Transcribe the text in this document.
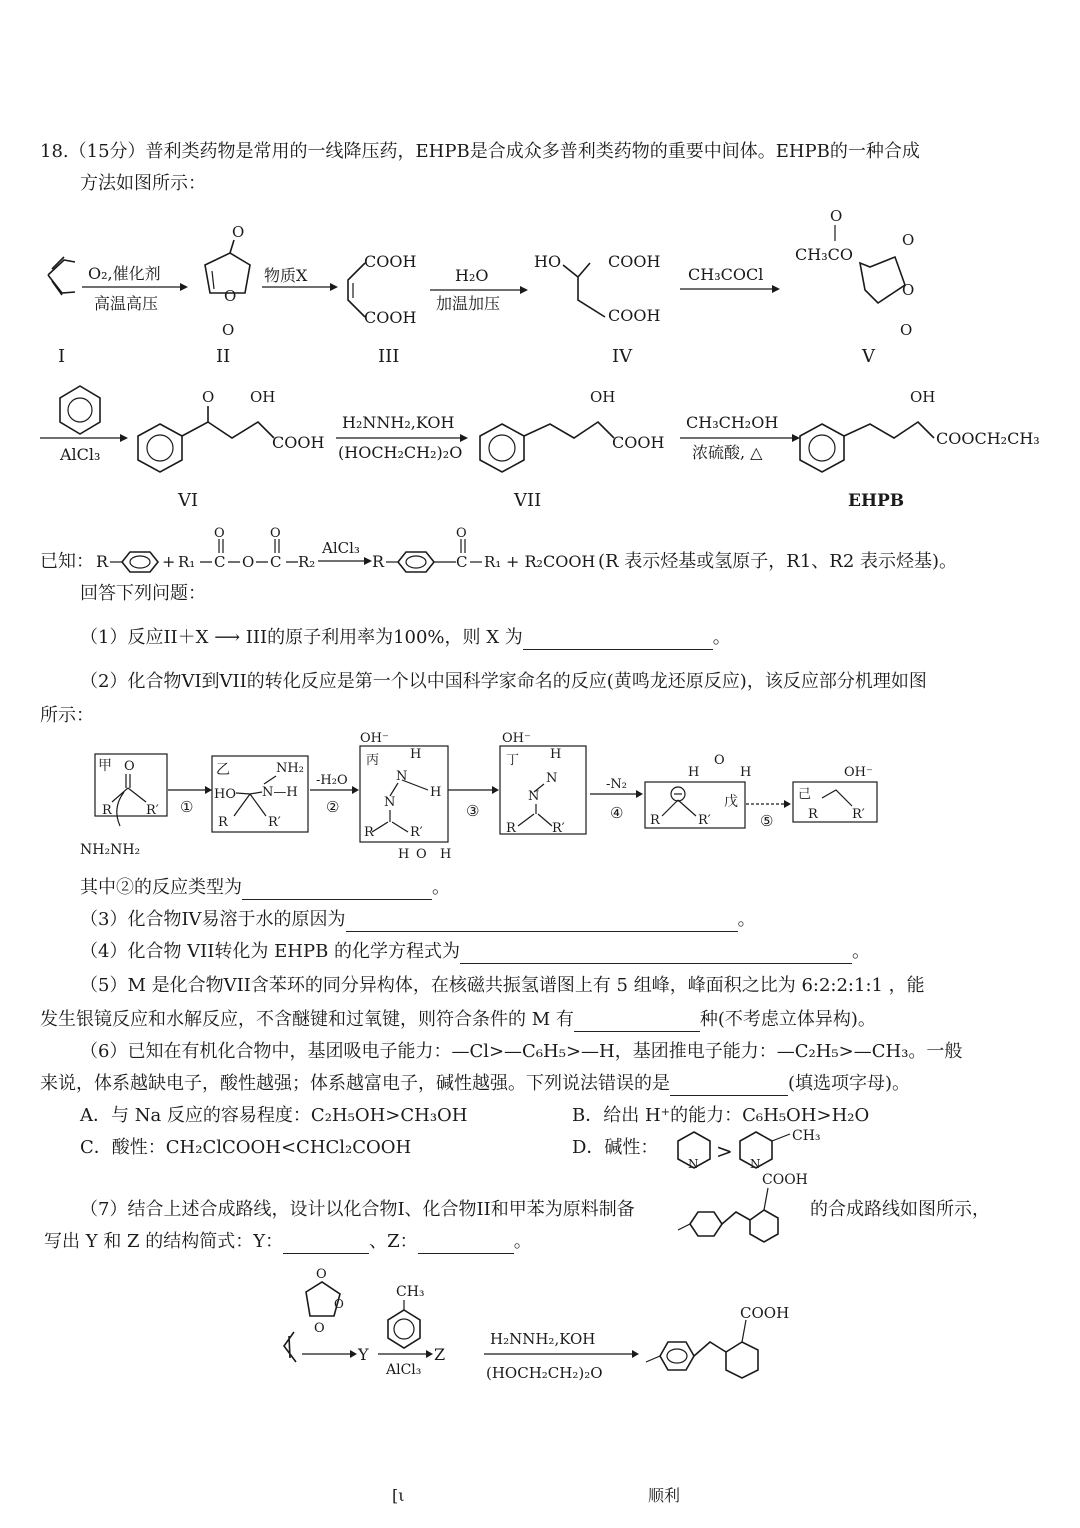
18.（15分）普利类药物是常用的一线降压药，EHPB是合成众多普利类药物的重要中间体。EHPB的一种合成
方法如图所示：
I
O₂,催化剂
高温高压
O
O
O
II
物质X
COOH
COOH
III
H₂O
加温加压
HO	COOH
COOH
IV
CH₃COCl
O
CH₃CO
O
O
O
V
AlCl₃
O OH
COOH
VI
H₂NNH₂,KOH
(HOCH₂CH₂)₂O
OH
COOH
VII
CH₃CH₂OH
浓硫酸, △
OH
COOCH₂CH₃
EHPB
已知： R	+ R₁ C O C
O	O
R₂
AlCl₃
R	C
O
R₁ + R₂COOH (R 表示烃基或氢原子，R1、R2 表示烃基)。
回答下列问题：
（1）反应II＋X ⟶ III的原子利用率为100%，则 X 为	。
（2）化合物VI到VII的转化反应是第一个以中国科学家命名的反应(黄鸣龙还原反应)，该反应部分机理如图
所示：
甲 O
R	R′
NH₂NH₂
①
乙	NH₂
HO N—H
R	R′
-H₂O
②
OH⁻
丙 H
N
H
N
R	R′
H O H
③
OH⁻
丁 H
N
N
R	R′
-N₂
④
H
O
H
R	R′
戊
⑤
OH⁻
己
R	R′
其中②的反应类型为	。
（3）化合物IV易溶于水的原因为	。
（4）化合物 VII转化为 EHPB 的化学方程式为	。
（5）M 是化合物VII含苯环的同分异构体，在核磁共振氢谱图上有 5 组峰，峰面积之比为 6:2:2:1:1 ，能
发生银镜反应和水解反应，不含醚键和过氧键，则符合条件的 M 有	种(不考虑立体异构)。
（6）已知在有机化合物中，基团吸电子能力：—Cl>—C₆H₅>—H，基团推电子能力：—C₂H₅>—CH₃。一般
来说，体系越缺电子，酸性越强；体系越富电子，碱性越强。下列说法错误的是	(填选项字母)。
A．与 Na 反应的容易程度：C₂H₅OH>CH₃OH	B．给出 H⁺的能力：C₆H₅OH>H₂O
C．酸性：CH₂ClCOOH<CHCl₂COOH	D．碱性：
N
>
N
CH₃
（7）结合上述合成路线，设计以化合物I、化合物II和甲苯为原料制备
COOH
的合成路线如图所示，
写出 Y 和 Z 的结构简式：Y：	、Z：	。
O
O
O
Y
CH₃
AlCl₃
Z
H₂NNH₂,KOH
(HOCH₂CH₂)₂O
COOH
[ι	顺利
